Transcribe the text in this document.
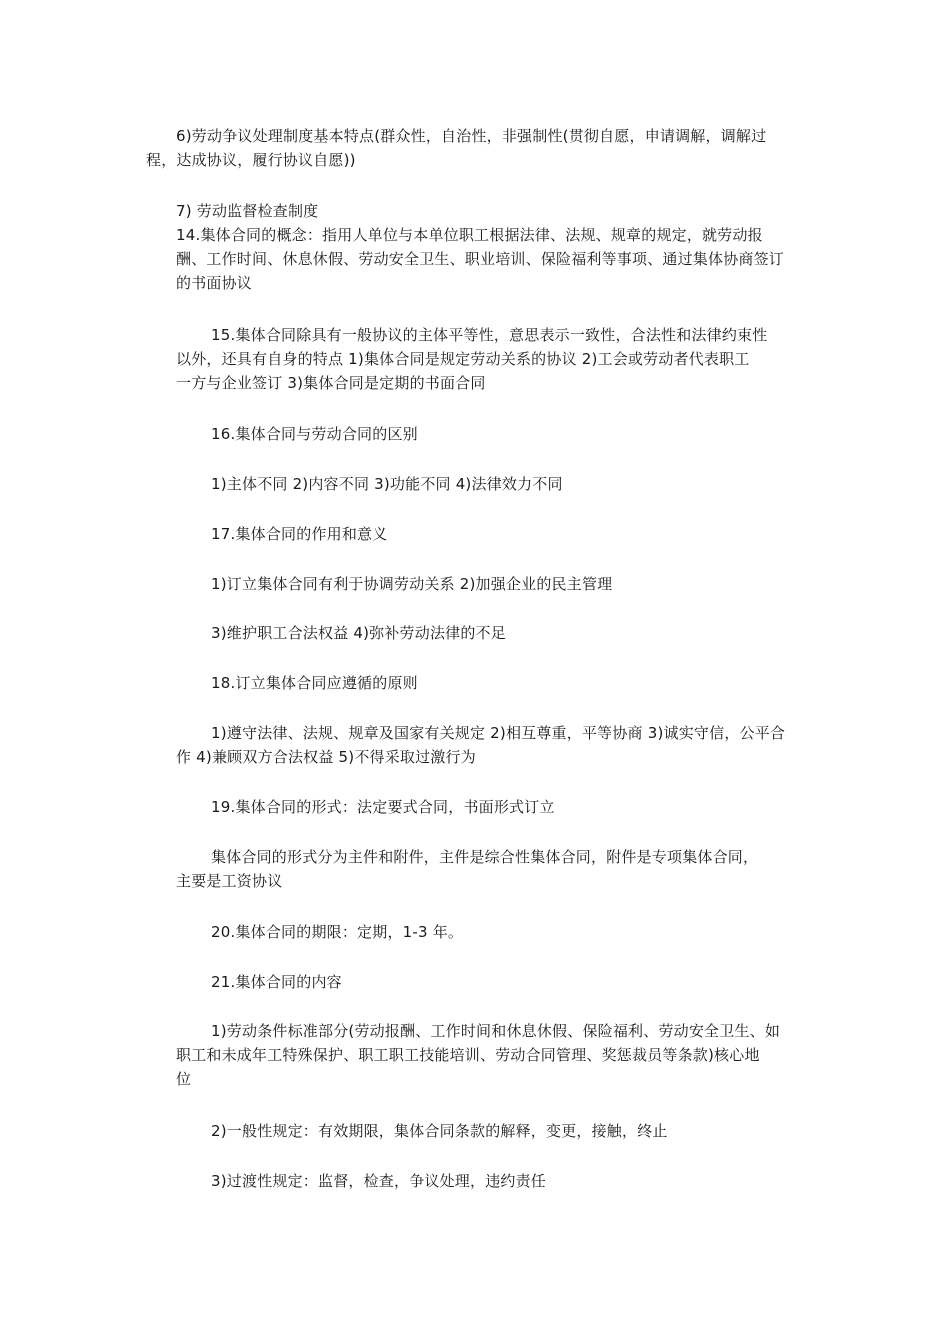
6)劳动争议处理制度基本特点(群众性，自治性，非强制性(贯彻自愿，申请调解，调解过
程，达成协议，履行协议自愿))
7) 劳动监督检查制度
14.集体合同的概念：指用人单位与本单位职工根据法律、法规、规章的规定，就劳动报
酬、工作时间、休息休假、劳动安全卫生、职业培训、保险福利等事项、通过集体协商签订
的书面协议
15.集体合同除具有一般协议的主体平等性，意思表示一致性，合法性和法律约束性
以外，还具有自身的特点 1)集体合同是规定劳动关系的协议 2)工会或劳动者代表职工
一方与企业签订 3)集体合同是定期的书面合同
16.集体合同与劳动合同的区别
1)主体不同 2)内容不同 3)功能不同 4)法律效力不同
17.集体合同的作用和意义
1)订立集体合同有利于协调劳动关系 2)加强企业的民主管理
3)维护职工合法权益 4)弥补劳动法律的不足
18.订立集体合同应遵循的原则
1)遵守法律、法规、规章及国家有关规定 2)相互尊重，平等协商 3)诚实守信，公平合
作 4)兼顾双方合法权益 5)不得采取过激行为
19.集体合同的形式：法定要式合同，书面形式订立
集体合同的形式分为主件和附件，主件是综合性集体合同，附件是专项集体合同，
主要是工资协议
20.集体合同的期限：定期，1-3 年。
21.集体合同的内容
1)劳动条件标准部分(劳动报酬、工作时间和休息休假、保险福利、劳动安全卫生、如
职工和未成年工特殊保护、职工职工技能培训、劳动合同管理、奖惩裁员等条款)核心地
位
2)一般性规定：有效期限，集体合同条款的解释，变更，接触，终止
3)过渡性规定：监督，检查，争议处理，违约责任
